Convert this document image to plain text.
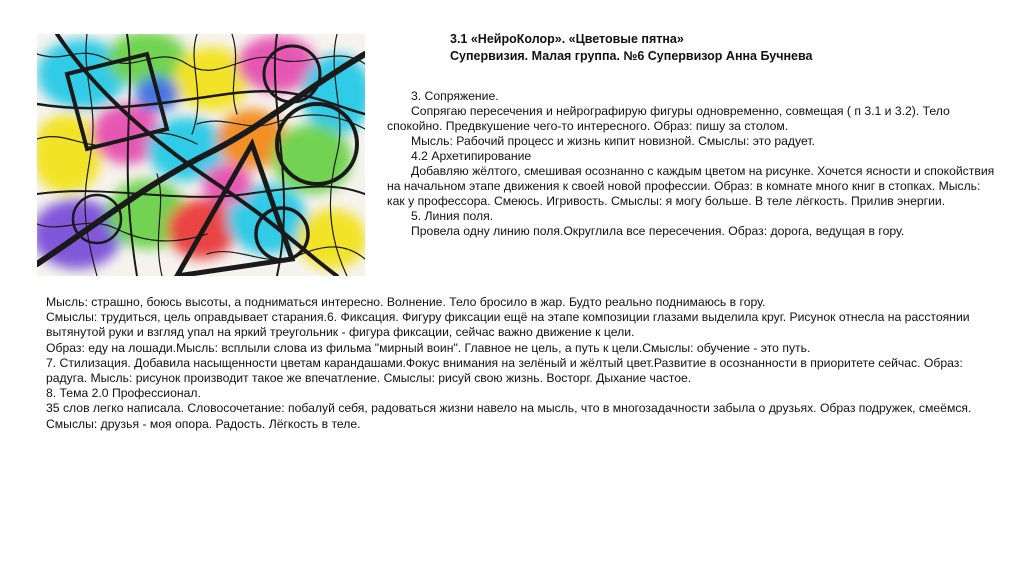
3.1 «НейроКолор». «Цветовые пятна»
Супервизия. Малая группа. №6 Супервизор Анна Бучнева

3. Сопряжение.

Сопрягаю пересечения и нейрографирую фигуры одновременно, совмещая ( п 3.1 и 3.2). Тело спокойно. Предвкушение чего-то интересного. Образ: пишу за столом.

Мысль: Рабочий процесс и жизнь кипит новизной. Смыслы: это радует.

4.2 Архетипирование

Добавляю жёлтого, смешивая осознанно с каждым цветом на рисунке. Хочется ясности и спокойствия на начальном этапе движения к своей новой профессии. Образ: в комнате много книг в стопках. Мысль: как у профессора. Смеюсь. Игривость. Смыслы: я могу больше. В теле лёгкость. Прилив энергии.

5. Линия поля.

Провела одну линию поля.Округлила все пересечения. Образ: дорога, ведущая в гору.

Мысль: страшно, боюсь высоты, а подниматься интересно. Волнение. Тело бросило в жар. Будто реально поднимаюсь в гору.

Смыслы: трудиться, цель оправдывает старания.6. Фиксация. Фигуру фиксации ещё на этапе композиции глазами выделила круг. Рисунок отнесла на расстоянии вытянутой руки и взгляд упал на яркий треугольник - фигура фиксации, сейчас важно движение к цели.

Образ: еду на лошади.Мысль: всплыли слова из фильма "мирный воин". Главное не цель, а путь к цели.Смыслы: обучение - это путь.

7. Стилизация. Добавила насыщенности цветам карандашами.Фокус внимания на зелёный и жёлтый цвет.Развитие в осознанности в приоритете сейчас. Образ: радуга. Мысль: рисунок производит такое же впечатление. Смыслы: рисуй свою жизнь. Восторг. Дыхание частое.

8. Тема 2.0 Профессионал.

35 слов легко написала. Словосочетание: побалуй себя, радоваться жизни навело на мысль, что в многозадачности забыла о друзьях. Образ подружек, смеёмся. Смыслы: друзья - моя опора. Радость. Лёгкость в теле.
